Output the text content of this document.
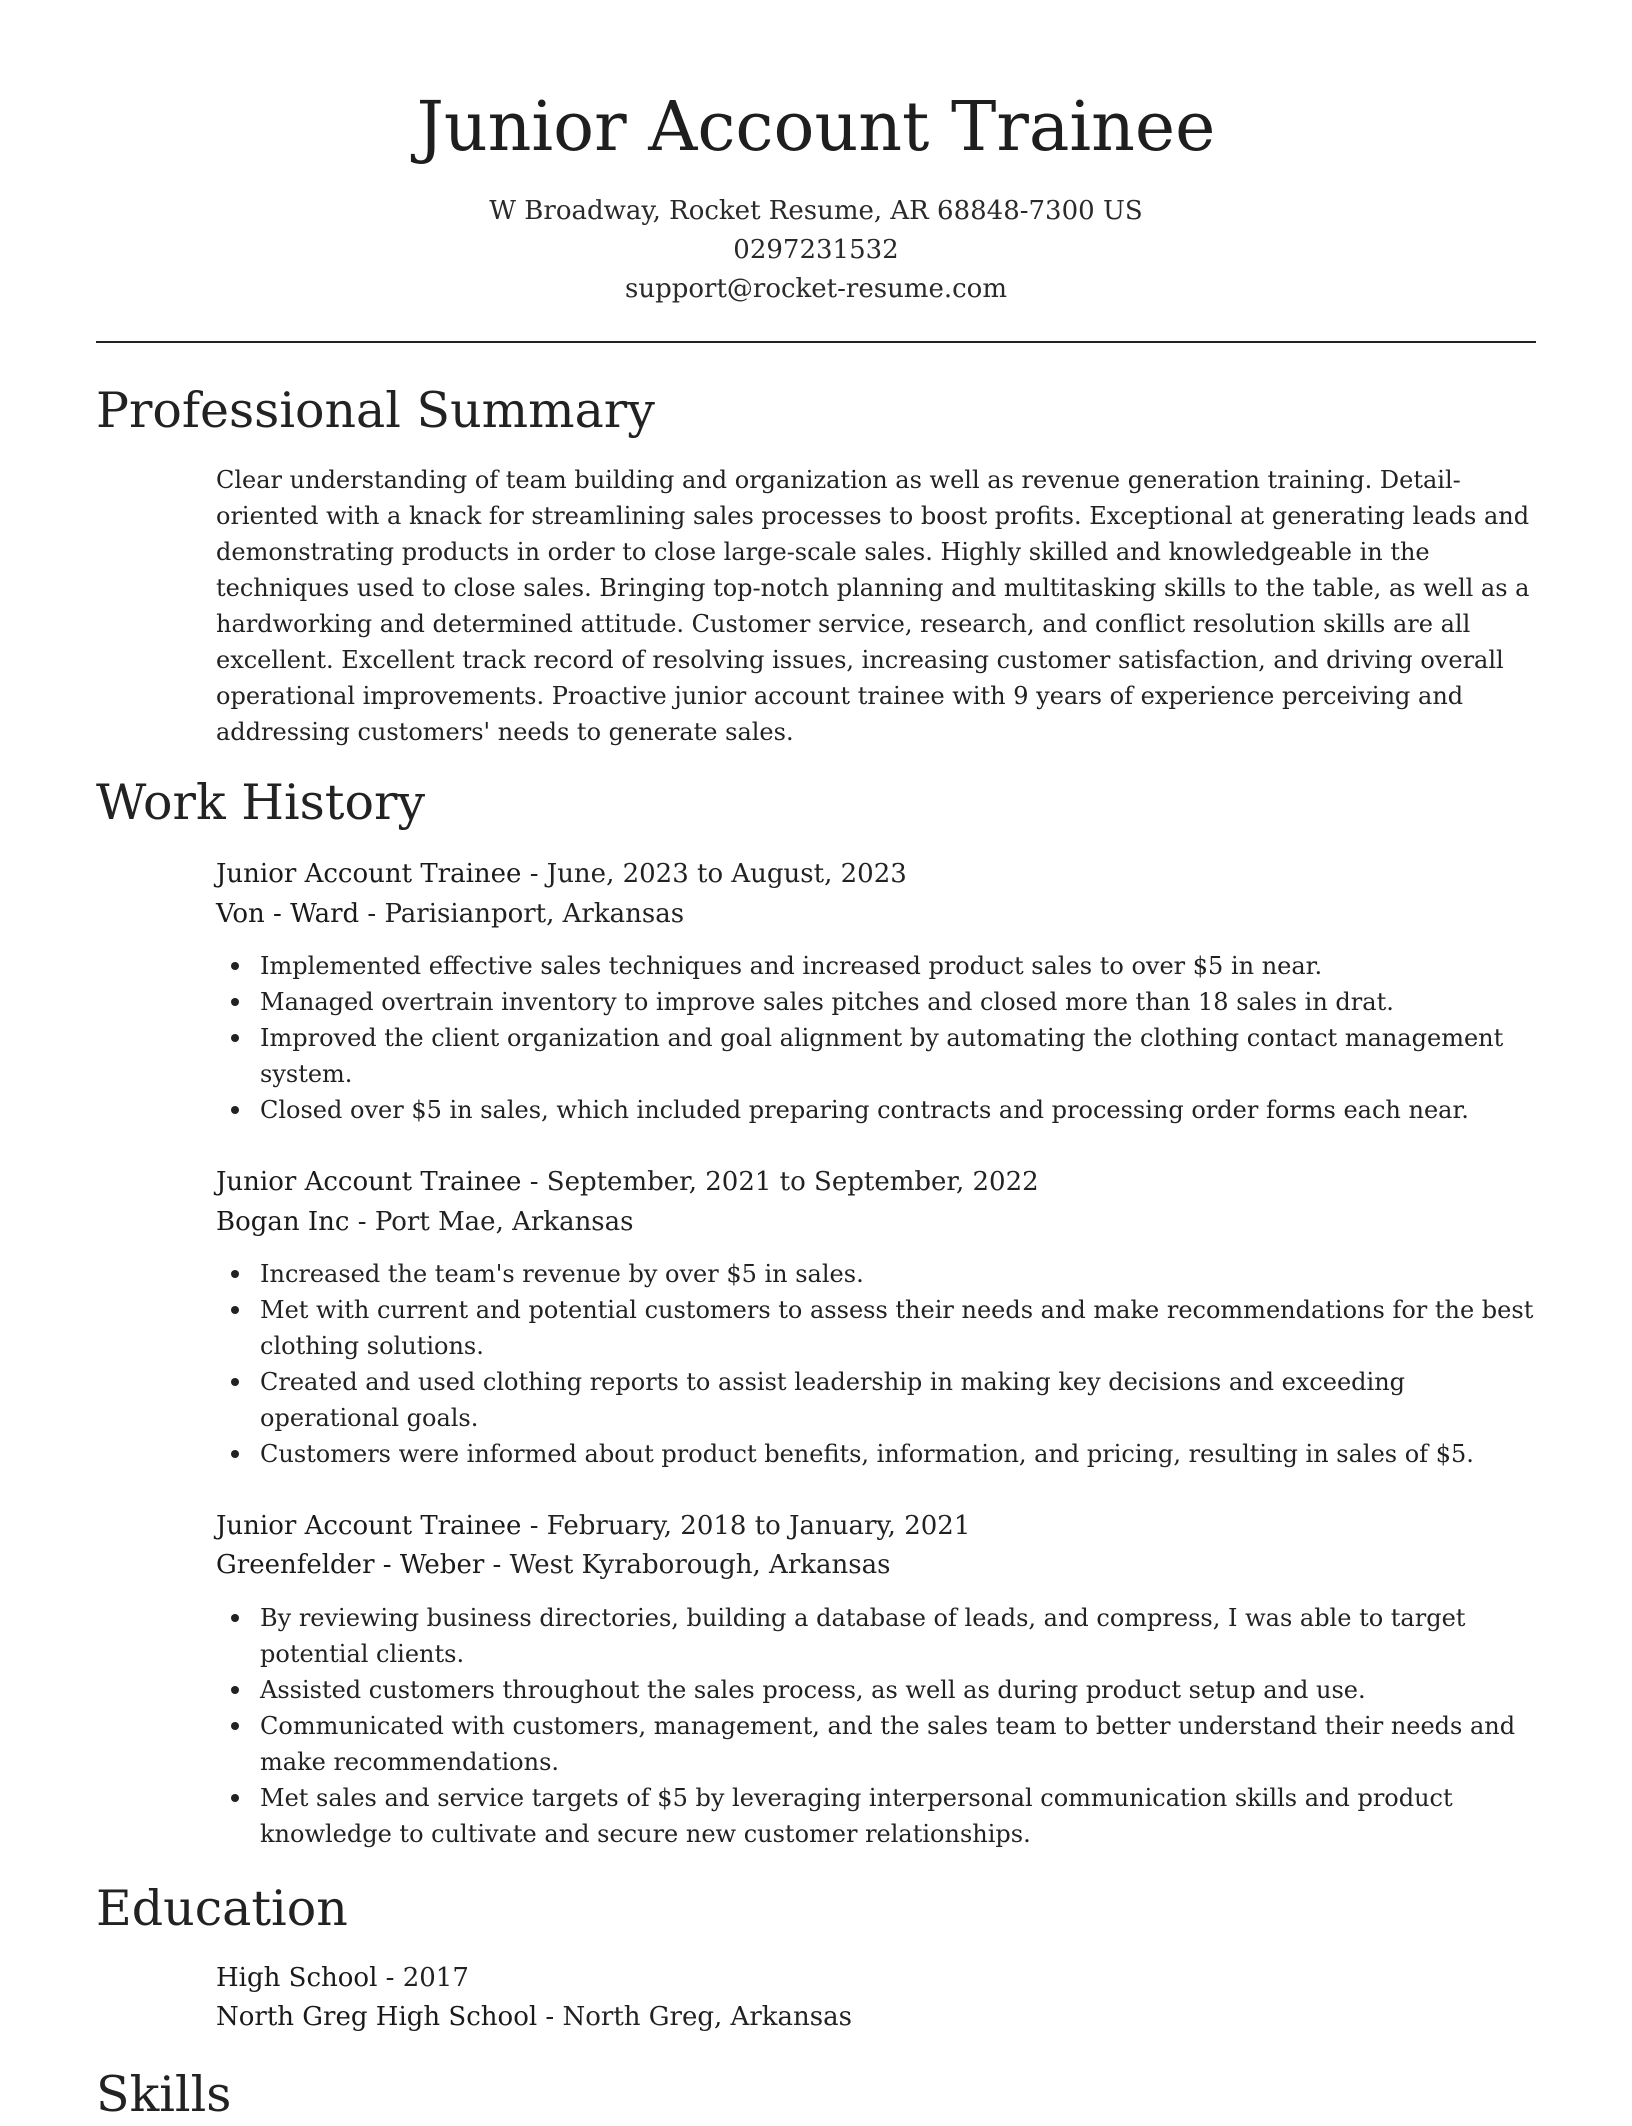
Junior Account Trainee
W Broadway, Rocket Resume, AR 68848-7300 US
0297231532
support@rocket-resume.com
Professional Summary
Clear understanding of team building and organization as well as revenue generation training. Detail-oriented with a knack for streamlining sales processes to boost profits. Exceptional at generating leads and demonstrating products in order to close large-scale sales. Highly skilled and knowledgeable in the techniques used to close sales. Bringing top-notch planning and multitasking skills to the table, as well as a hardworking and determined attitude. Customer service, research, and conflict resolution skills are all excellent. Excellent track record of resolving issues, increasing customer satisfaction, and driving overall operational improvements. Proactive junior account trainee with 9 years of experience perceiving and addressing customers' needs to generate sales.
Work History
Junior Account Trainee - June, 2023 to August, 2023
Von - Ward - Parisianport, Arkansas
Implemented effective sales techniques and increased product sales to over $5 in near.
Managed overtrain inventory to improve sales pitches and closed more than 18 sales in drat.
Improved the client organization and goal alignment by automating the clothing contact management system.
Closed over $5 in sales, which included preparing contracts and processing order forms each near.
Junior Account Trainee - September, 2021 to September, 2022
Bogan Inc - Port Mae, Arkansas
Increased the team's revenue by over $5 in sales.
Met with current and potential customers to assess their needs and make recommendations for the best clothing solutions.
Created and used clothing reports to assist leadership in making key decisions and exceeding operational goals.
Customers were informed about product benefits, information, and pricing, resulting in sales of $5.
Junior Account Trainee - February, 2018 to January, 2021
Greenfelder - Weber - West Kyraborough, Arkansas
By reviewing business directories, building a database of leads, and compress, I was able to target potential clients.
Assisted customers throughout the sales process, as well as during product setup and use.
Communicated with customers, management, and the sales team to better understand their needs and make recommendations.
Met sales and service targets of $5 by leveraging interpersonal communication skills and product knowledge to cultivate and secure new customer relationships.
Education
High School - 2017
North Greg High School - North Greg, Arkansas
Skills
